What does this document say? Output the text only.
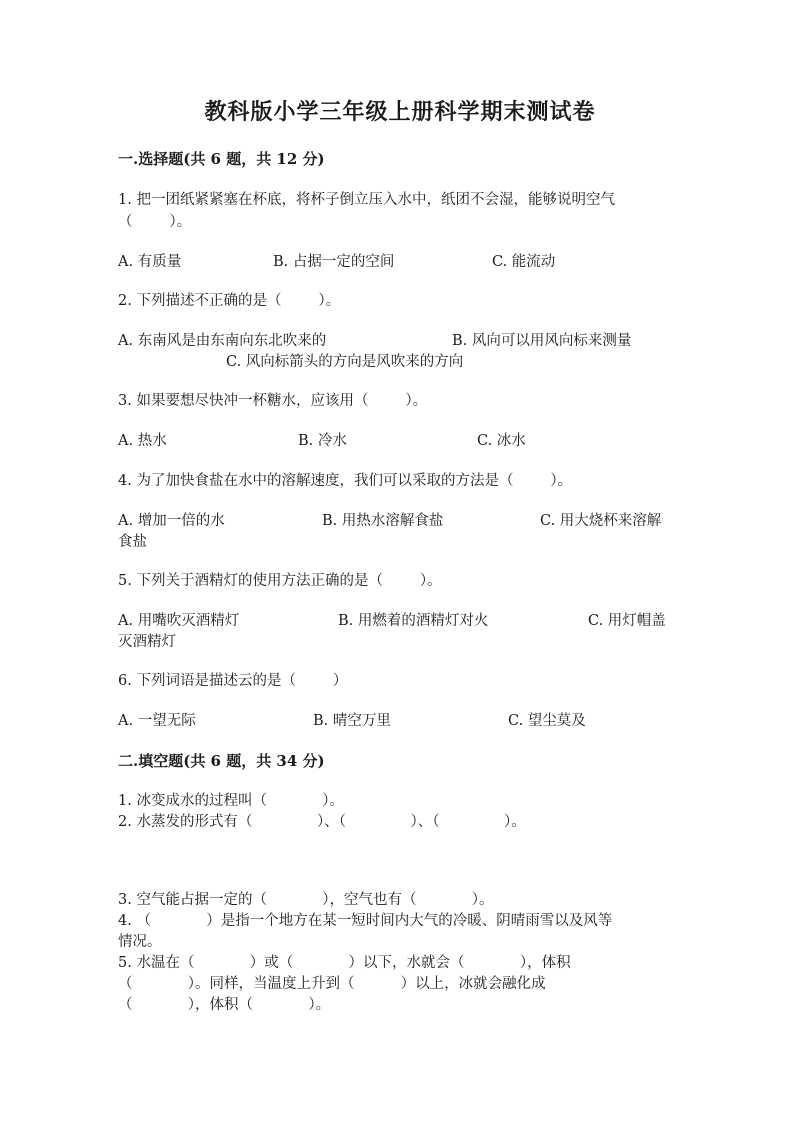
教科版小学三年级上册科学期末测试卷
一.选择题(共 6 题，共 12 分)
1. 把一团纸紧紧塞在杯底，将杯子倒立压入水中，纸团不会湿，能够说明空气
（        ）。
A. 有质量	B. 占据一定的空间	C. 能流动
2. 下列描述不正确的是（        ）。
A. 东南风是由东南向东北吹来的	B. 风向可以用风向标来测量
C. 风向标箭头的方向是风吹来的方向
3. 如果要想尽快冲一杯糖水，应该用（        ）。
A. 热水	B. 冷水	C. 冰水
4. 为了加快食盐在水中的溶解速度，我们可以采取的方法是（        ）。
A. 增加一倍的水	B. 用热水溶解食盐	C. 用大烧杯来溶解
食盐
5. 下列关于酒精灯的使用方法正确的是（        ）。
A. 用嘴吹灭酒精灯	B. 用燃着的酒精灯对火	C. 用灯帽盖
灭酒精灯
6. 下列词语是描述云的是（        ）
A. 一望无际	B. 晴空万里	C. 望尘莫及
二.填空题(共 6 题，共 34 分)
1. 冰变成水的过程叫（            ）。
2. 水蒸发的形式有（              ）、（              ）、（              ）。
3. 空气能占据一定的（            ），空气也有（            ）。
4. （            ）是指一个地方在某一短时间内大气的冷暖、阴晴雨雪以及风等
情况。
5. 水温在（            ）或（            ）以下，水就会（            ），体积
（            ）。同样，当温度上升到（          ）以上，冰就会融化成
（            ），体积（            ）。
